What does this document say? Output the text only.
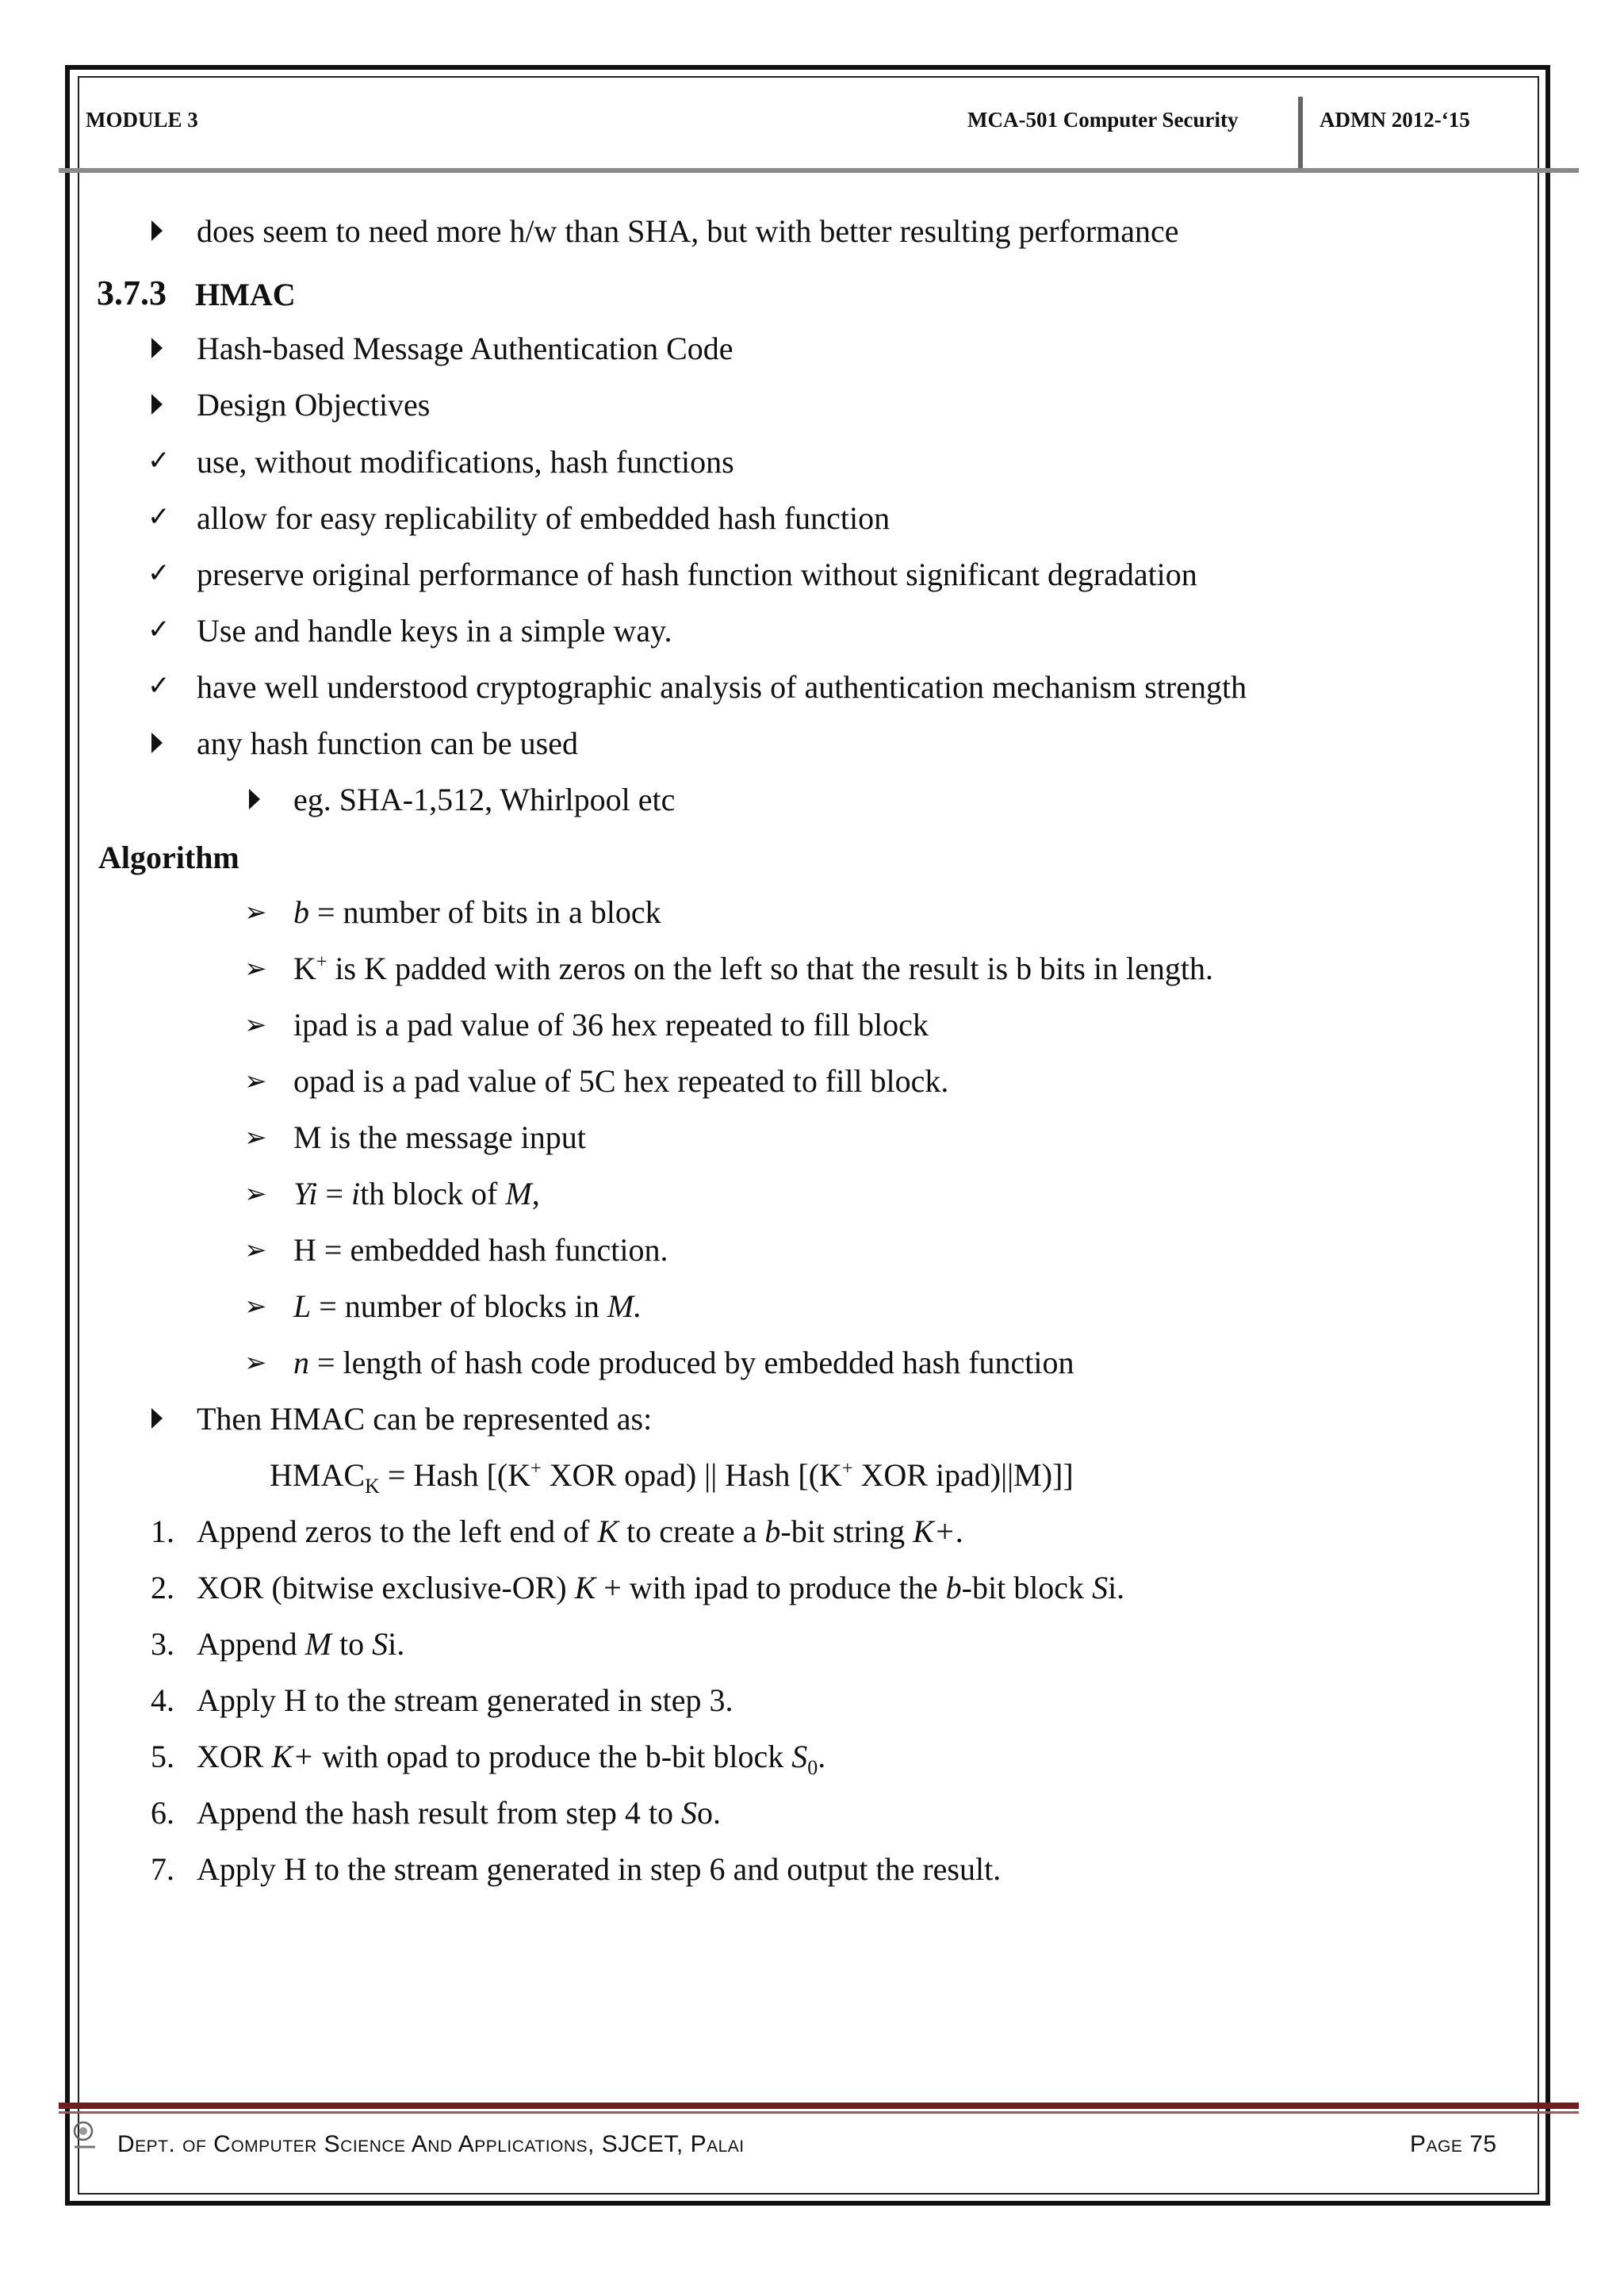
MODULE 3	MCA-501 Computer Security	ADMN 2012-‘15
does seem to need more h/w than SHA, but with better resulting performance
3.7.3 HMAC
Hash-based Message Authentication Code
Design Objectives
✓ use, without modifications, hash functions
✓ allow for easy replicability of embedded hash function
✓ preserve original performance of hash function without significant degradation
✓ Use and handle keys in a simple way.
✓ have well understood cryptographic analysis of authentication mechanism strength
any hash function can be used
eg. SHA-1,512, Whirlpool etc
Algorithm
➢ b = number of bits in a block
➢ K+ is K padded with zeros on the left so that the result is b bits in length.
➢ ipad is a pad value of 36 hex repeated to fill block
➢ opad is a pad value of 5C hex repeated to fill block.
➢ M is the message input
➢ Yi = ith block of M,
➢ H = embedded hash function.
➢ L = number of blocks in M.
➢ n = length of hash code produced by embedded hash function
Then HMAC can be represented as:
$HMAC_K$ = Hash [(K+ XOR opad) || Hash [(K+ XOR ipad)||M)]]
1. Append zeros to the left end of K to create a b-bit string K+.
2. XOR (bitwise exclusive-OR) K + with ipad to produce the b-bit block Si.
3. Append M to Si.
4. Apply H to the stream generated in step 3.
5. XOR K+ with opad to produce the b-bit block $S_0$.
6. Append the hash result from step 4 to So.
7. Apply H to the stream generated in step 6 and output the result.
Dept. of Computer Science And Applications, SJCET, Palai	Page 75
